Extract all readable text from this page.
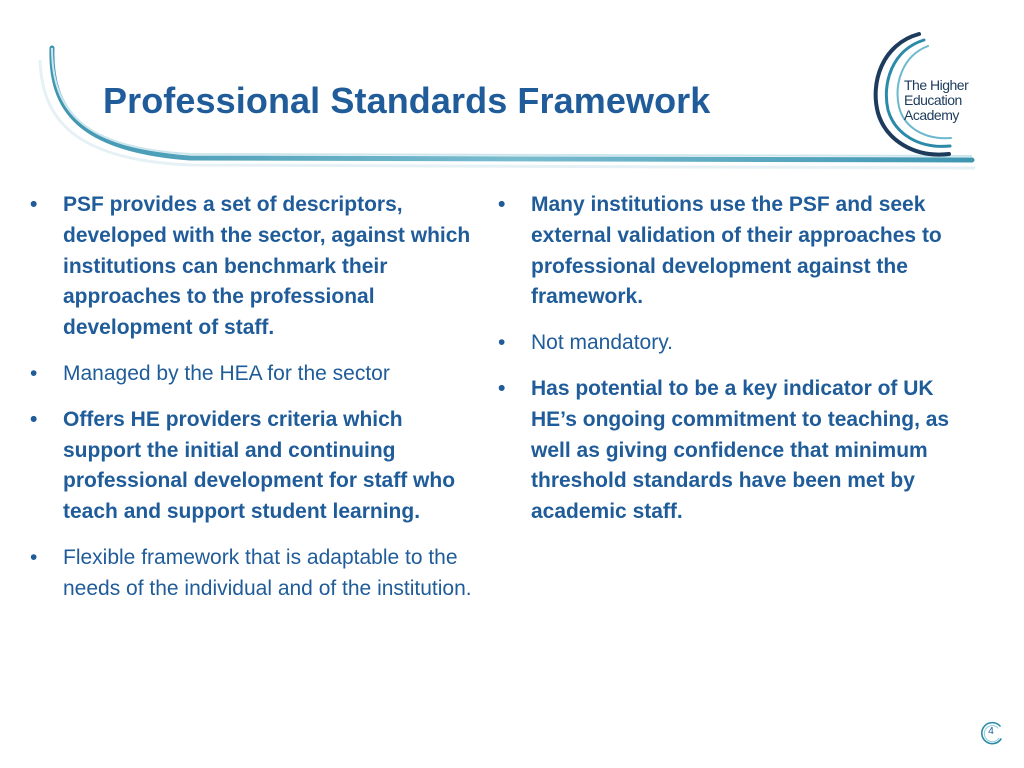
Professional Standards Framework	The Higher
Education
Academy
• PSF provides a set of descriptors, developed with the sector, against which institutions can benchmark their approaches to the professional development of staff.
• Managed by the HEA for the sector
• Offers HE providers criteria which support the initial and continuing professional development for staff who teach and support student learning.
• Flexible framework that is adaptable to the needs of the individual and of the institution.
• Many institutions use the PSF and seek external validation of their approaches to professional development against the framework.
• Not mandatory.
• Has potential to be a key indicator of UK HE’s ongoing commitment to teaching, as well as giving confidence that minimum threshold standards have been met by academic staff.
4
